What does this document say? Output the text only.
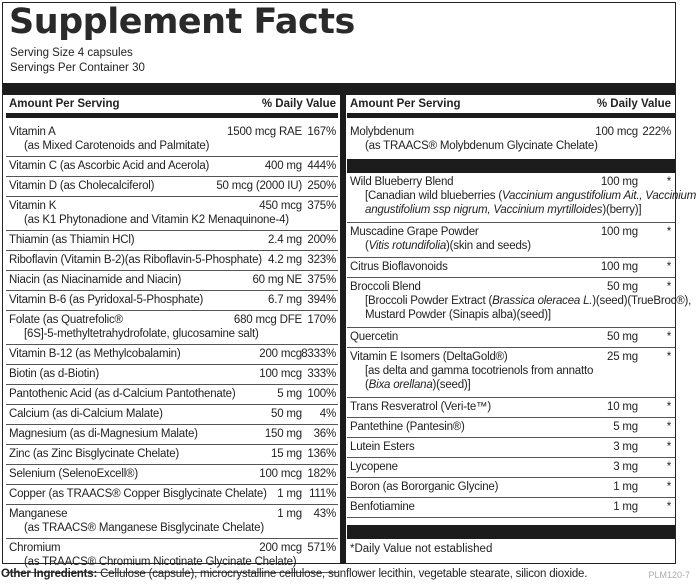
Supplement Facts
Serving Size 4 capsules
Servings Per Container 30
Amount Per Serving	% Daily Value Amount Per Serving	% Daily Value
Vitamin A	1500 mcg RAE 167%
(as Mixed Carotenoids and Palmitate)
Vitamin C (as Ascorbic Acid and Acerola)	400 mg 444%
Vitamin D (as Cholecalciferol)	50 mcg (2000 IU) 250%
Vitamin K	450 mcg 375%
(as K1 Phytonadione and Vitamin K2 Menaquinone-4)
Thiamin (as Thiamin HCl)	2.4 mg 200%
Riboflavin (Vitamin B-2)(as Riboflavin-5-Phosphate) 4.2 mg 323%
Niacin (as Niacinamide and Niacin)	60 mg NE 375%
Vitamin B-6 (as Pyridoxal-5-Phosphate)	6.7 mg 394%
Folate (as Quatrefolic®	680 mcg DFE 170%
[6S]-5-methyltetrahydrofolate, glucosamine salt)
Vitamin B-12 (as Methylcobalamin)	200 mcg 8333%
Biotin (as d-Biotin)	100 mcg 333%
Pantothenic Acid (as d-Calcium Pantothenate)	5 mg 100%
Calcium (as di-Calcium Malate)	50 mg 4%
Magnesium (as di-Magnesium Malate)	150 mg 36%
Zinc (as Zinc Bisglycinate Chelate)	15 mg 136%
Selenium (SelenoExcell®)	100 mcg 182%
Copper (as TRAACS® Copper Bisglycinate Chelate) 1 mg 111%
Manganese	1 mg 43%
(as TRAACS® Manganese Bisglycinate Chelate)
Chromium	200 mcg 571%
(as TRAACS® Chromium Nicotinate Glycinate Chelate)
Molybdenum	100 mcg 222%
(as TRAACS® Molybdenum Glycinate Chelate)
Wild Blueberry Blend	100 mg *
[Canadian wild blueberries (Vaccinium angustifolium Ait., Vaccinium
angustifolium ssp nigrum, Vaccinium myrtilloides)(berry)]
Muscadine Grape Powder	100 mg *
(Vitis rotundifolia)(skin and seeds)
Citrus Bioflavonoids	100 mg *
Broccoli Blend	50 mg *
[Broccoli Powder Extract (Brassica oleracea L.)(seed)(TrueBroc®),
Mustard Powder (Sinapis alba)(seed)]
Quercetin	50 mg *
Vitamin E Isomers (DeltaGold®)	25 mg *
[as delta and gamma tocotrienols from annatto
(Bixa orellana)(seed)]
Trans Resveratrol (Veri-te™)	10 mg *
Pantethine (Pantesin®)	5 mg *
Lutein Esters	3 mg *
Lycopene	3 mg *
Boron (as Bororganic Glycine)	1 mg *
Benfotiamine	1 mg *
*Daily Value not established
Other Ingredients: Cellulose (capsule), microcrystalline cellulose, sunflower lecithin, vegetable stearate, silicon dioxide.	PLM120-7
